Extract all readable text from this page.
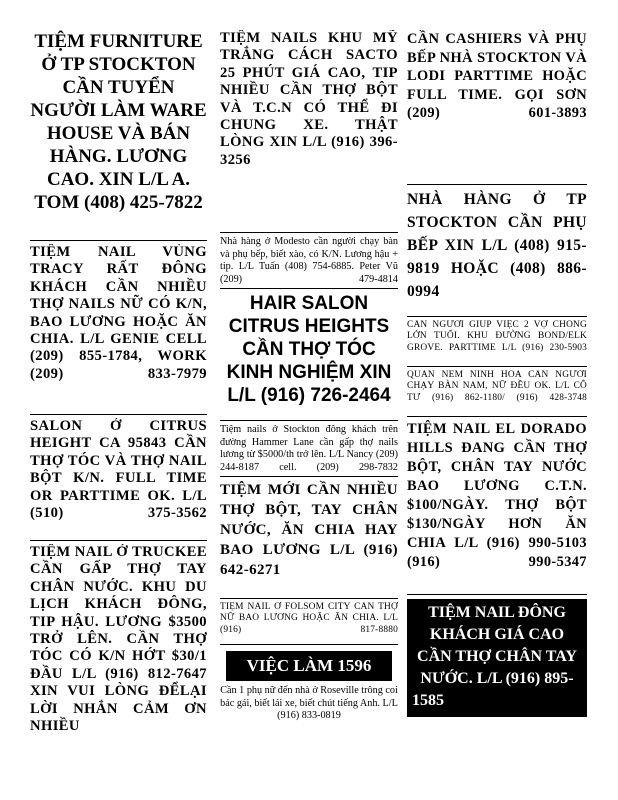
TIỆM FURNITURE Ở TP STOCKTON CẦN TUYỂN NGƯỜI LÀM WARE HOUSE VÀ BÁN HÀNG. LƯƠNG CAO. XIN L/L A. TOM (408) 425-7822
TIỆM NAIL VÙNG TRACY RẤT ĐÔNG KHÁCH CẦN NHIỀU THỢ NAILS NỮ CÓ K/N, BAO LƯƠNG HOẶC ĂN CHIA. L/L GENIE CELL (209) 855-1784, WORK (209) 833-7979
SALON Ở CITRUS HEIGHT CA 95843 CẦN THỢ TÓC VÀ THỢ NAIL BỘT K/N. FULL TIME OR PARTTIME OK. L/L (510) 375-3562
TIỆM NAIL Ở TRUCKEE CẦN GẤP THỢ TAY CHÂN NƯỚC. KHU DU LỊCH KHÁCH ĐÔNG, TIP HẬU. LƯƠNG $3500 TRỞ LÊN. CẦN THỢ TÓC CÓ K/N HỚT $30/1 ĐẦU L/L (916) 812-7647 XIN VUI LÒNG ĐỂLẠI LỜI NHẮN CẢM ƠN NHIỀU
TIỆM NAILS KHU MỸ TRẮNG CÁCH SACTO 25 PHÚT GIÁ CAO, TIP NHIỀU CẦN THỢ BỘT VÀ T.C.N CÓ THỂ ĐI CHUNG XE. THẬT LÒNG XIN L/L (916) 396-3256
Nhà hàng ở Modesto cần người chạy bàn và phụ bếp, biết xào, có K/N. Lương hậu + tip. L/L Tuấn (408) 754-6885. Peter Vũ (209) 479-4814
HAIR SALON CITRUS HEIGHTS CẦN THỢ TÓC KINH NGHIỆM XIN L/L (916) 726-2464
Tiệm nails ở Stockton đông khách trên đường Hammer Lane cần gấp thợ nails lương từ $5000/th trở lên. L/L Nancy (209) 244-8187 cell. (209) 298-7832
TIỆM MỚI CẦN NHIỀU THỢ BỘT, TAY CHÂN NƯỚC, ĂN CHIA HAY BAO LƯƠNG L/L (916) 642-6271
TIỆM NAIL Ở FOLSOM CITY CẦN THỢ NỮ BAO LƯƠNG HOẶC ĂN CHIA. L/L (916) 817-8880
VIỆC LÀM 1596
Cần 1 phụ nữ đến nhà ở Roseville trông coi bác gái, biết lái xe, biết chút tiếng Anh. L/L (916) 833-0819
CẦN CASHIERS VÀ PHỤ BẾP NHÀ STOCKTON VÀ LODI PARTTIME HOẶC FULL TIME. GỌI SƠN (209) 601-3893
NHÀ HÀNG Ở TP STOCKTON CẦN PHỤ BẾP XIN L/L (408) 915-9819 HOẶC (408) 886-0994
CẦN NGƯỜI GIÚP VIỆC 2 VỢ CHỒNG LỚN TUỔI. KHU ĐƯỜNG BOND/ELK GROVE. PARTTIME L/L (916) 230-5903
QUÁN NEM NINH HÒA CẦN NGƯỜI CHẠY BÀN NAM, NỮ ĐỀU OK. L/L CÔ TƯ (916) 862-1180/ (916) 428-3748
TIỆM NAIL EL DORADO HILLS ĐANG CẦN THỢ BỘT, CHÂN TAY NƯỚC BAO LƯƠNG C.T.N. $100/NGÀY. THỢ BỘT $130/NGÀY HƠN ĂN CHIA L/L (916) 990-5103 (916) 990-5347
TIỆM NAIL ĐÔNG KHÁCH GIÁ CAO CẦN THỢ CHÂN TAY NƯỚC. L/L (916) 895-1585
